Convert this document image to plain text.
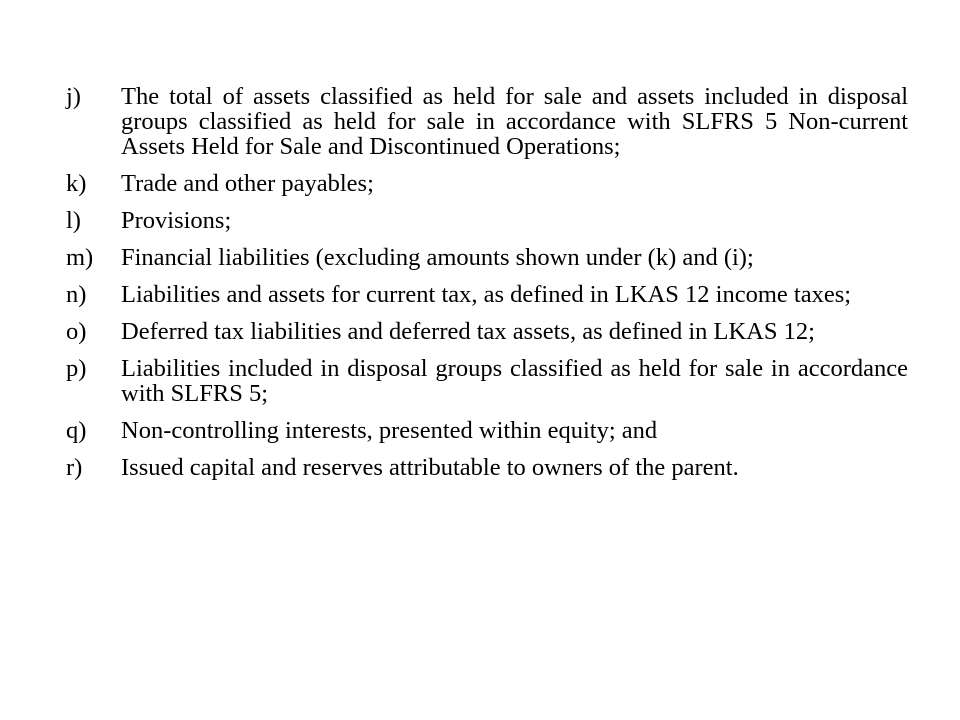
j)	The total of assets classified as held for sale and assets included in disposal groups classified as held for sale in accordance with SLFRS 5 Non-current Assets Held for Sale and Discontinued Operations;
k)	Trade and other payables;
l)	Provisions;
m)	Financial liabilities (excluding amounts shown under (k) and (i);
n)	Liabilities and assets for current tax, as defined in LKAS 12 income taxes;
o)	Deferred tax liabilities and deferred tax assets, as defined in LKAS 12;
p)	Liabilities included in disposal groups classified as held for sale in accordance with SLFRS 5;
q)	Non-controlling interests, presented within equity; and
r)	Issued capital and reserves attributable to owners of the parent.
